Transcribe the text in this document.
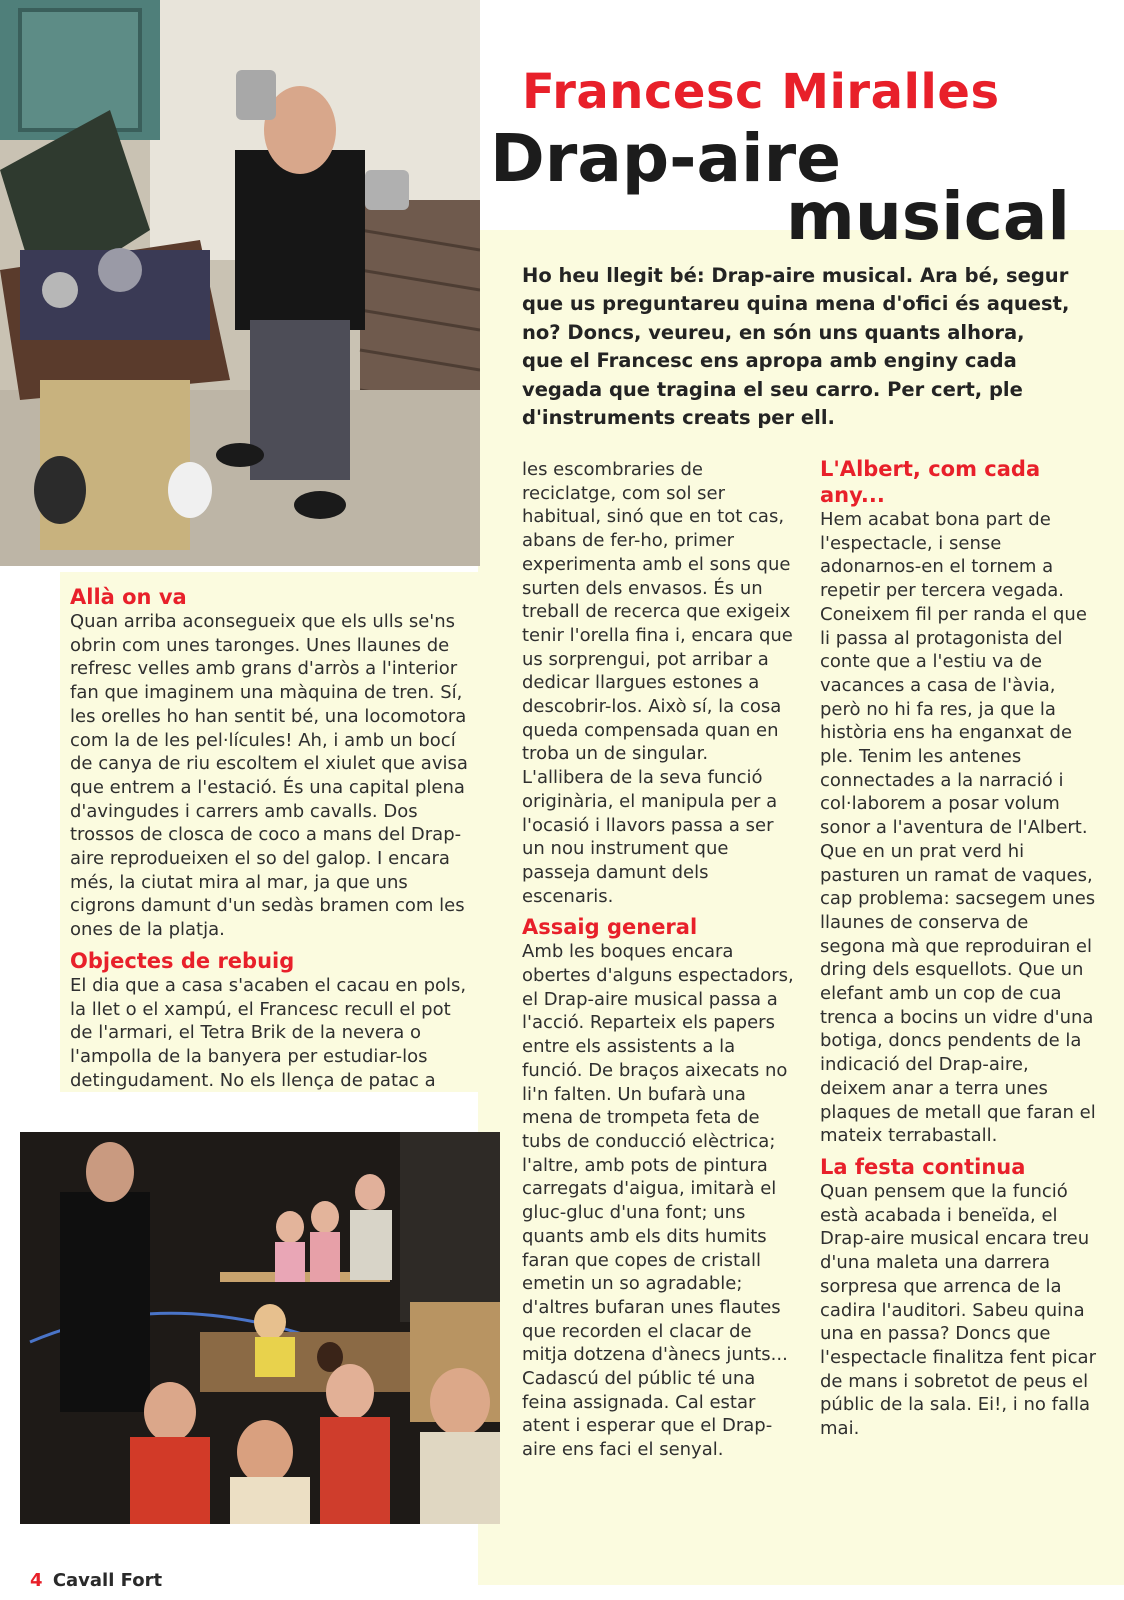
Francesc Miralles
Drap-aire
musical

Ho heu llegit bé: Drap-aire musical. Ara bé, segur que us preguntareu quina mena d'ofici és aquest, no? Doncs, veureu, en són uns quants alhora, que el Francesc ens apropa amb enginy cada vegada que tragina el seu carro. Per cert, ple d'instruments creats per ell.

Allà on va

Quan arriba aconsegueix que els ulls se'ns obrin com unes taronges. Unes llaunes de refresc velles amb grans d'arròs a l'interior fan que imaginem una màquina de tren. Sí, les orelles ho han sentit bé, una locomotora com la de les pel·lícules! Ah, i amb un bocí de canya de riu escoltem el xiulet que avisa que entrem a l'estació. És una capital plena d'avingudes i carrers amb cavalls. Dos trossos de closca de coco a mans del Drap-aire reprodueixen el so del galop. I encara més, la ciutat mira al mar, ja que uns cigrons damunt d'un sedàs bramen com les ones de la platja.

Objectes de rebuig

El dia que a casa s'acaben el cacau en pols, la llet o el xampú, el Francesc recull el pot de l'armari, el Tetra Brik de la nevera o l'ampolla de la banyera per estudiar-los detingudament. No els llença de patac a

les escombraries de reciclatge, com sol ser habitual, sinó que en tot cas, abans de fer-ho, primer experimenta amb el sons que surten dels envasos. És un treball de recerca que exigeix tenir l'orella fina i, encara que us sorprengui, pot arribar a dedicar llargues estones a descobrir-los. Això sí, la cosa queda compensada quan en troba un de singular. L'allibera de la seva funció originària, el manipula per a l'ocasió i llavors passa a ser un nou instrument que passeja damunt dels escenaris.

Assaig general

Amb les boques encara obertes d'alguns espectadors, el Drap-aire musical passa a l'acció. Reparteix els papers entre els assistents a la funció. De braços aixecats no li'n falten. Un bufarà una mena de trompeta feta de tubs de conducció elèctrica; l'altre, amb pots de pintura carregats d'aigua, imitarà el gluc-gluc d'una font; uns quants amb els dits humits faran que copes de cristall emetin un so agradable; d'altres bufaran unes flautes que recorden el clacar de mitja dotzena d'ànecs junts... Cadascú del públic té una feina assignada. Cal estar atent i esperar que el Drap-aire ens faci el senyal.

L'Albert, com cada any...

Hem acabat bona part de l'espectacle, i sense adonarnos-en el tornem a repetir per tercera vegada. Coneixem fil per randa el que li passa al protagonista del conte que a l'estiu va de vacances a casa de l'àvia, però no hi fa res, ja que la història ens ha enganxat de ple. Tenim les antenes connectades a la narració i col·laborem a posar volum sonor a l'aventura de l'Albert. Que en un prat verd hi pasturen un ramat de vaques, cap problema: sacsegem unes llaunes de conserva de segona mà que reproduiran el dring dels esquellots. Que un elefant amb un cop de cua trenca a bocins un vidre d'una botiga, doncs pendents de la indicació del Drap-aire, deixem anar a terra unes plaques de metall que faran el mateix terrabastall.

La festa continua

Quan pensem que la funció està acabada i beneïda, el Drap-aire musical encara treu d'una maleta una darrera sorpresa que arrenca de la cadira l'auditori. Sabeu quina una en passa? Doncs que l'espectacle finalitza fent picar de mans i sobretot de peus el públic de la sala. Ei!, i no falla mai.

4 Cavall Fort
